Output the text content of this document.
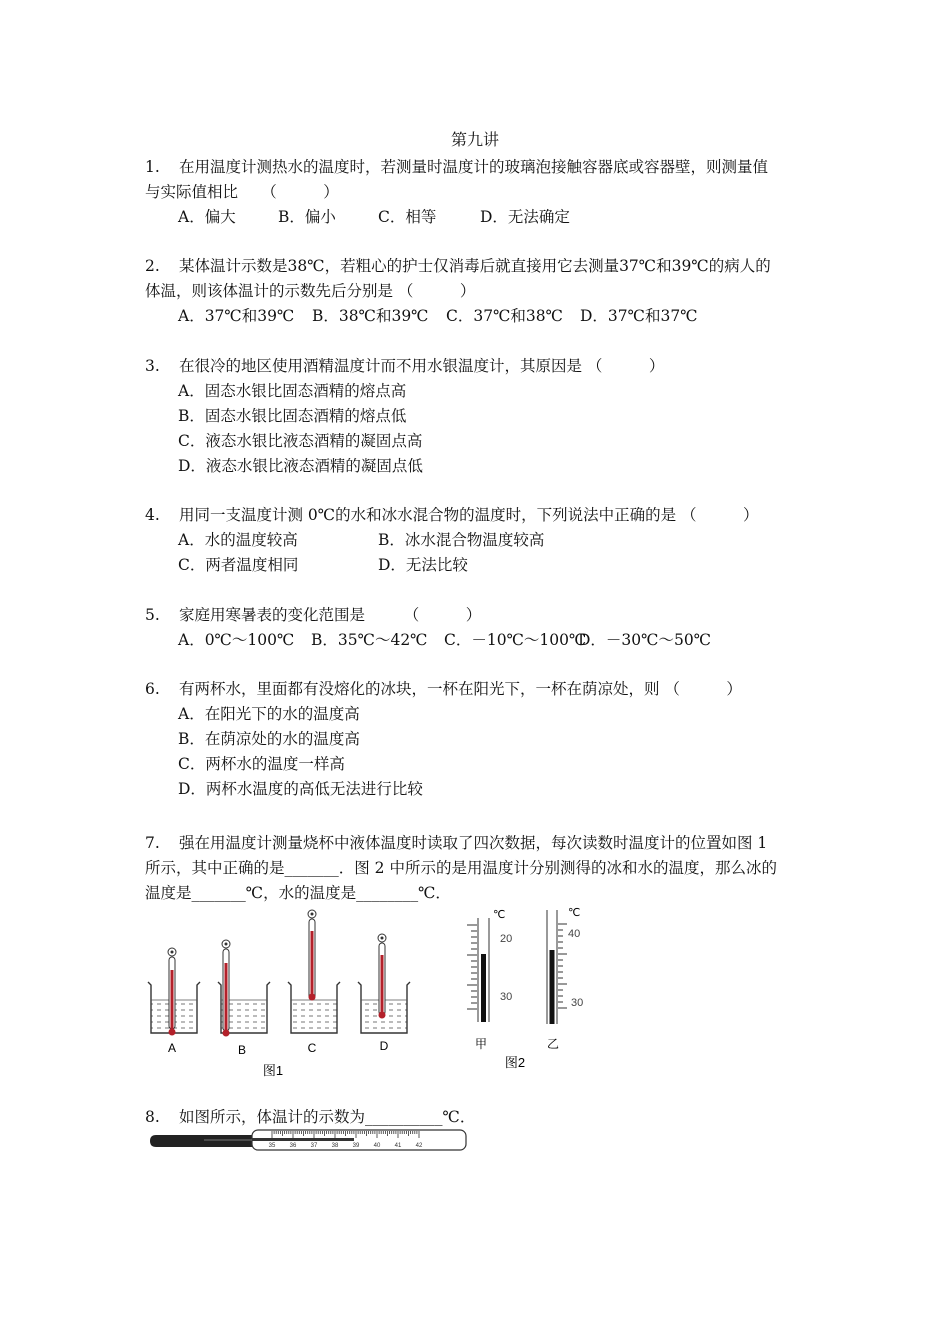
第九讲
1. 在用温度计测热水的温度时，若测量时温度计的玻璃泡接触容器底或容器壁，则测量值
与实际值相比　　（　　　）
A．偏大	B．偏小	C．相等	D．无法确定
2. 某体温计示数是38℃，若粗心的护士仅消毒后就直接用它去测量37℃和39℃的病人的
体温，则该体温计的示数先后分别是 （　　　）
A．37℃和39℃ B．38℃和39℃ C．37℃和38℃ D．37℃和37℃
3. 在很冷的地区使用酒精温度计而不用水银温度计，其原因是 （　　　）
A．固态水银比固态酒精的熔点高
B．固态水银比固态酒精的熔点低
C．液态水银比液态酒精的凝固点高
D．液态水银比液态酒精的凝固点低
4. 用同一支温度计测 0℃的水和冰水混合物的温度时，下列说法中正确的是 （　　　）
A．水的温度较高	B．冰水混合物温度较高
C．两者温度相同	D．无法比较
5. 家庭用寒暑表的变化范围是　　　（　　　）
A．0℃～100℃ B．35℃～42℃ C．－10℃～100℃
D．－30℃～50℃
6. 有两杯水，里面都有没熔化的冰块，一杯在阳光下，一杯在荫凉处，则 （　　　）
A．在阳光下的水的温度高
B．在荫凉处的水的温度高
C．两杯水的温度一样高
D．两杯水温度的高低无法进行比较
7. 强在用温度计测量烧杯中液体温度时读取了四次数据，每次读数时温度计的位置如图 1
所示，其中正确的是_______．图 2 中所示的是用温度计分别测得的冰和水的温度，那么冰的
温度是_______℃，水的温度是________℃．
A	B	C	D
图1
℃
20
30
甲
℃
40
30
乙
图2
8. 如图所示，体温计的示数为__________℃．
35 36 37 38 39 40 41 42
